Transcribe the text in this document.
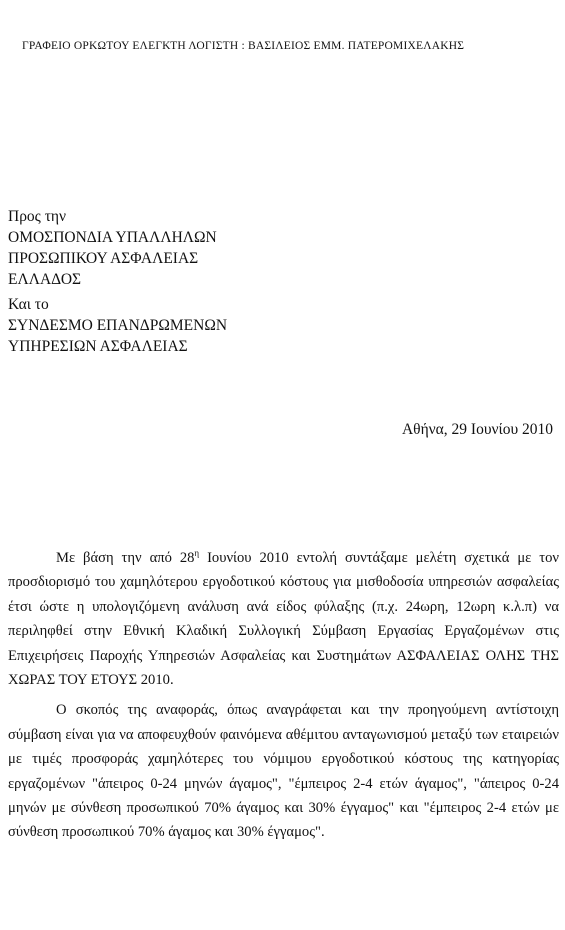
ΓΡΑΦΕΙΟ ΟΡΚΩΤΟΥ ΕΛΕΓΚΤΗ ΛΟΓΙΣΤΗ : ΒΑΣΙΛΕΙΟΣ ΕΜΜ. ΠΑΤΕΡΟΜΙΧΕΛΑΚΗΣ
Προς την
ΟΜΟΣΠΟΝΔΙΑ ΥΠΑΛΛΗΛΩΝ
ΠΡΟΣΩΠΙΚΟΥ ΑΣΦΑΛΕΙΑΣ
ΕΛΛΑΔΟΣ
Και το
ΣΥΝΔΕΣΜΟ ΕΠΑΝΔΡΩΜΕΝΩΝ
ΥΠΗΡΕΣΙΩΝ ΑΣΦΑΛΕΙΑΣ
Αθήνα, 29 Ιουνίου 2010

Με βάση την από $28^\eta$ Ιουνίου 2010 εντολή συντάξαμε μελέτη σχετικά με τον προσδιορισμό του χαμηλότερου εργοδοτικού κόστους για μισθοδοσία υπηρεσιών ασφαλείας έτσι ώστε η υπολογιζόμενη ανάλυση ανά είδος φύλαξης (π.χ. 24ωρη, 12ωρη κ.λ.π) να περιληφθεί στην Εθνική Κλαδική Συλλογική Σύμβαση Εργασίας Εργαζομένων στις Επιχειρήσεις Παροχής Υπηρεσιών Ασφαλείας και Συστημάτων ΑΣΦΑΛΕΙΑΣ ΟΛΗΣ ΤΗΣ ΧΩΡΑΣ ΤΟΥ ΕΤΟΥΣ 2010.

Ο σκοπός της αναφοράς, όπως αναγράφεται και την προηγούμενη αντίστοιχη σύμβαση είναι για να αποφευχθούν φαινόμενα αθέμιτου ανταγωνισμού μεταξύ των εταιρειών με τιμές προσφοράς χαμηλότερες του νόμιμου εργοδοτικού κόστους της κατηγορίας εργαζομένων "άπειρος 0-24 μηνών άγαμος", "έμπειρος 2-4 ετών άγαμος", "άπειρος 0-24 μηνών με σύνθεση προσωπικού 70% άγαμος και 30% έγγαμος" και "έμπειρος 2-4 ετών με σύνθεση προσωπικού 70% άγαμος και 30% έγγαμος".
